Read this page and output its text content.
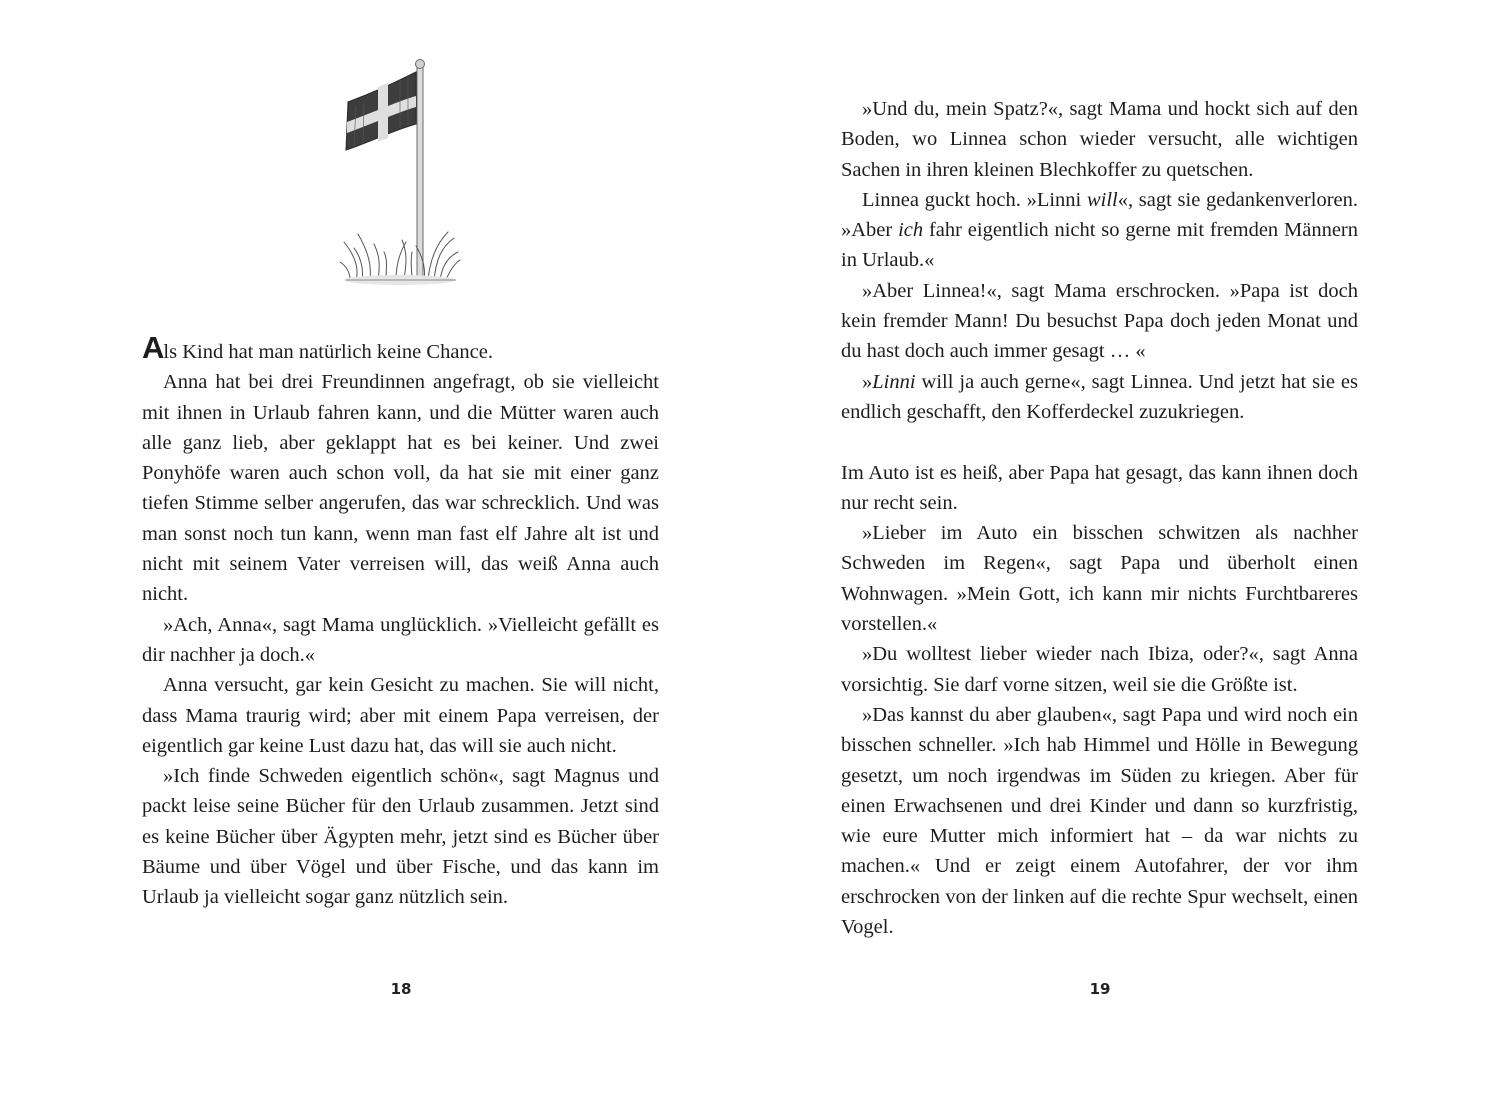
Als Kind hat man natürlich keine Chance.

Anna hat bei drei Freundinnen angefragt, ob sie vielleicht mit ihnen in Urlaub fahren kann, und die Mütter waren auch alle ganz lieb, aber geklappt hat es bei keiner. Und zwei Ponyhöfe waren auch schon voll, da hat sie mit einer ganz tiefen Stimme selber angerufen, das war schrecklich. Und was man sonst noch tun kann, wenn man fast elf Jahre alt ist und nicht mit seinem Vater verreisen will, das weiß Anna auch nicht.

»Ach, Anna«, sagt Mama unglücklich. »Vielleicht gefällt es dir nachher ja doch.«

Anna versucht, gar kein Gesicht zu machen. Sie will nicht, dass Mama traurig wird; aber mit einem Papa verreisen, der eigentlich gar keine Lust dazu hat, das will sie auch nicht.

»Ich finde Schweden eigentlich schön«, sagt Magnus und packt leise seine Bücher für den Urlaub zusammen. Jetzt sind es keine Bücher über Ägypten mehr, jetzt sind es Bücher über Bäume und über Vögel und über Fische, und das kann im Urlaub ja vielleicht sogar ganz nützlich sein.

18

»Und du, mein Spatz?«, sagt Mama und hockt sich auf den Boden, wo Linnea schon wieder versucht, alle wichtigen Sachen in ihren kleinen Blechkoffer zu quetschen.

Linnea guckt hoch. »Linni will«, sagt sie gedankenverloren. »Aber ich fahr eigentlich nicht so gerne mit fremden Männern in Urlaub.«

»Aber Linnea!«, sagt Mama erschrocken. »Papa ist doch kein fremder Mann! Du besuchst Papa doch jeden Monat und du hast doch auch immer gesagt … «

»Linni will ja auch gerne«, sagt Linnea. Und jetzt hat sie es endlich geschafft, den Kofferdeckel zuzukriegen.

Im Auto ist es heiß, aber Papa hat gesagt, das kann ihnen doch nur recht sein.

»Lieber im Auto ein bisschen schwitzen als nachher Schweden im Regen«, sagt Papa und überholt einen Wohnwagen. »Mein Gott, ich kann mir nichts Furchtbareres vorstellen.«

»Du wolltest lieber wieder nach Ibiza, oder?«, sagt Anna vorsichtig. Sie darf vorne sitzen, weil sie die Größte ist.

»Das kannst du aber glauben«, sagt Papa und wird noch ein bisschen schneller. »Ich hab Himmel und Hölle in Bewegung gesetzt, um noch irgendwas im Süden zu kriegen. Aber für einen Erwachsenen und drei Kinder und dann so kurzfristig, wie eure Mutter mich informiert hat – da war nichts zu machen.« Und er zeigt einem Autofahrer, der vor ihm erschrocken von der linken auf die rechte Spur wechselt, einen Vogel.

19
